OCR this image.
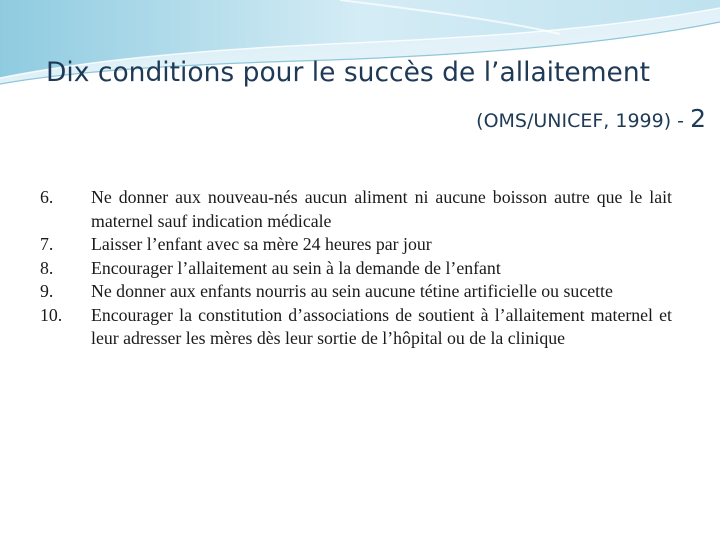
Dix conditions pour le succès de l’allaitement
(OMS/UNICEF, 1999) - 2
6.	Ne donner aux nouveau-nés aucun aliment ni aucune boisson autre que le lait maternel sauf indication médicale
7.	Laisser l’enfant avec sa mère 24 heures par jour
8.	Encourager l’allaitement au sein à la demande de l’enfant
9.	Ne donner aux enfants nourris au sein aucune tétine artificielle ou sucette
10.	Encourager la constitution d’associations de soutient à l’allaitement maternel et leur adresser les mères dès leur sortie de l’hôpital ou de la clinique
